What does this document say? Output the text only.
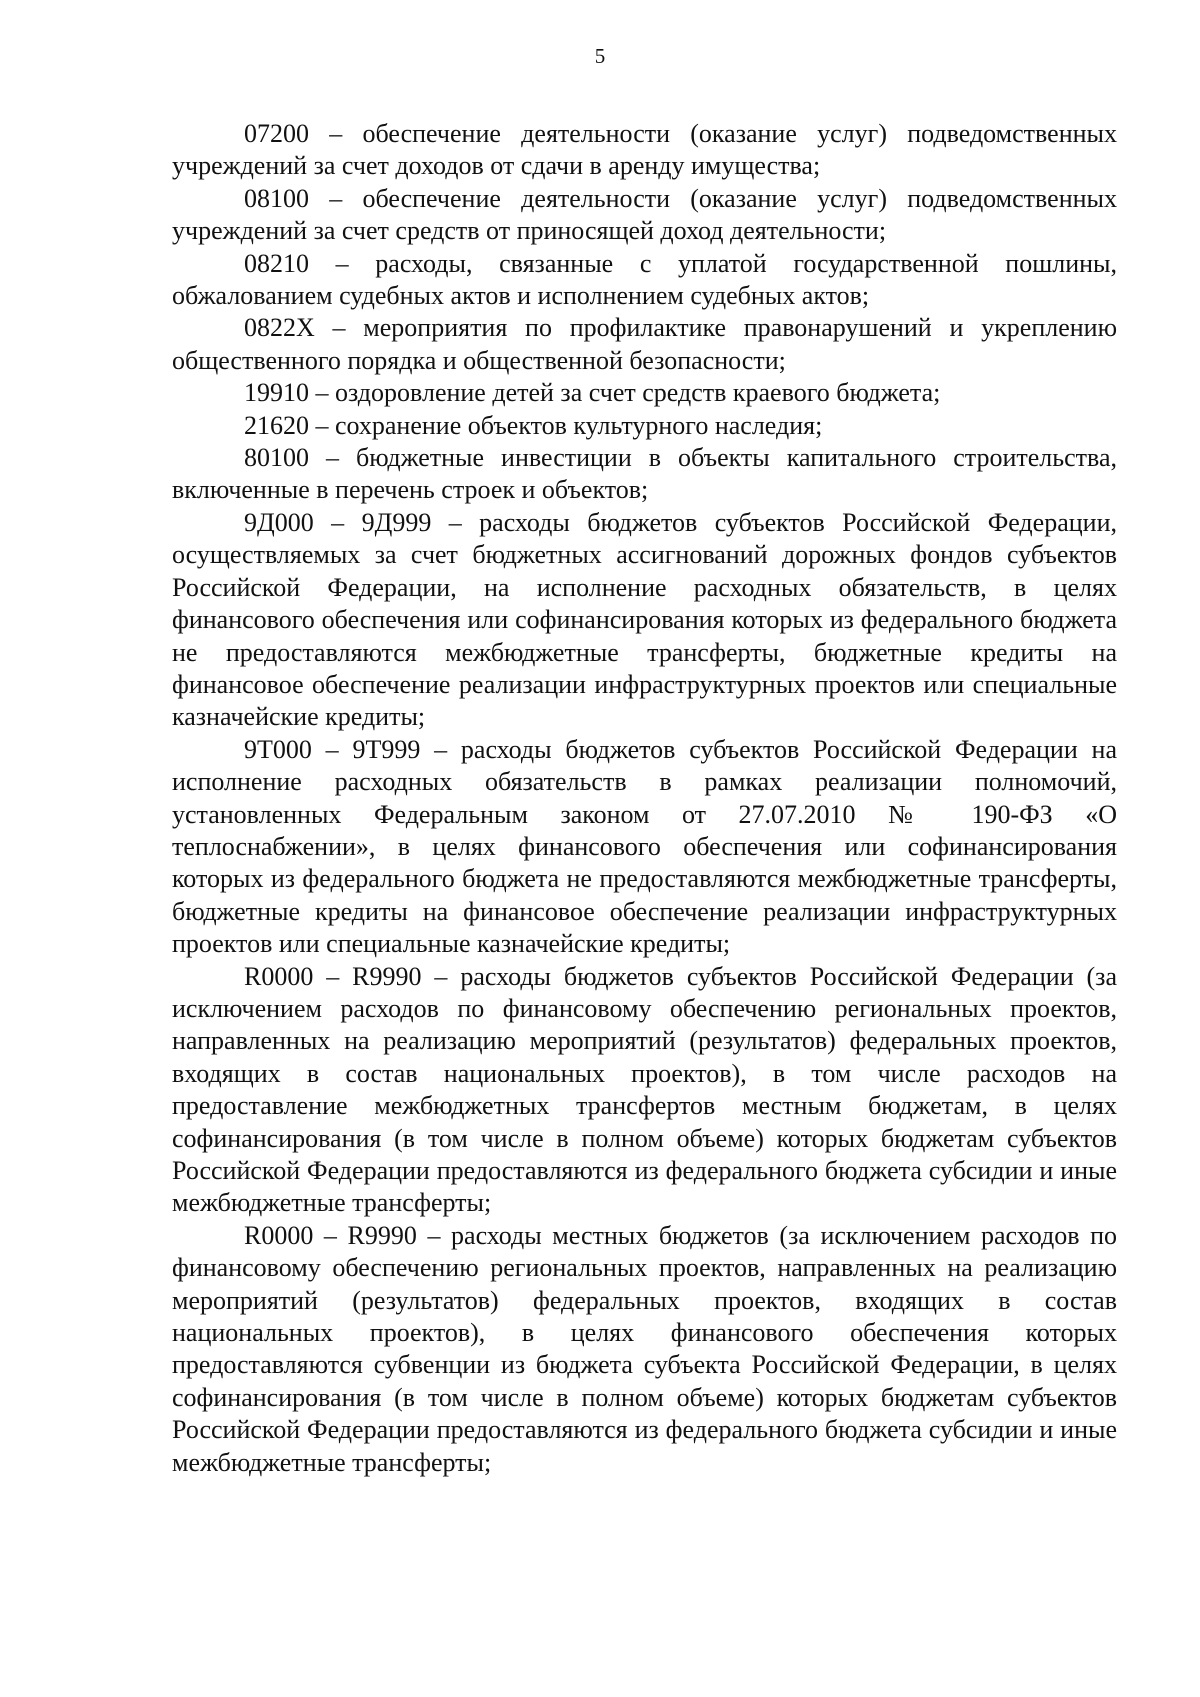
5

07200 – обеспечение деятельности (оказание услуг) подведомственных учреждений за счет доходов от сдачи в аренду имущества;

08100 – обеспечение деятельности (оказание услуг) подведомственных учреждений за счет средств от приносящей доход деятельности;

08210 – расходы, связанные с уплатой государственной пошлины, обжалованием судебных актов и исполнением судебных актов;

0822Х – мероприятия по профилактике правонарушений и укреплению общественного порядка и общественной безопасности;

19910 – оздоровление детей за счет средств краевого бюджета;

21620 – сохранение объектов культурного наследия;

80100 – бюджетные инвестиции в объекты капитального строительства, включенные в перечень строек и объектов;

9Д000 – 9Д999 – расходы бюджетов субъектов Российской Федерации, осуществляемых за счет бюджетных ассигнований дорожных фондов субъектов Российской Федерации, на исполнение расходных обязательств, в целях финансового обеспечения или софинансирования которых из федерального бюджета не предоставляются межбюджетные трансферты, бюджетные кредиты на финансовое обеспечение реализации инфраструктурных проектов или специальные казначейские кредиты;

9Т000 – 9Т999 – расходы бюджетов субъектов Российской Федерации на исполнение расходных обязательств в рамках реализации полномочий, установленных Федеральным законом от 27.07.2010 № 190-ФЗ «О теплоснабжении», в целях финансового обеспечения или софинансирования которых из федерального бюджета не предоставляются межбюджетные трансферты, бюджетные кредиты на финансовое обеспечение реализации инфраструктурных проектов или специальные казначейские кредиты;

R0000 – R9990 – расходы бюджетов субъектов Российской Федерации (за исключением расходов по финансовому обеспечению региональных проектов, направленных на реализацию мероприятий (результатов) федеральных проектов, входящих в состав национальных проектов), в том числе расходов на предоставление межбюджетных трансфертов местным бюджетам, в целях софинансирования (в том числе в полном объеме) которых бюджетам субъектов Российской Федерации предоставляются из федерального бюджета субсидии и иные межбюджетные трансферты;

R0000 – R9990 – расходы местных бюджетов (за исключением расходов по финансовому обеспечению региональных проектов, направленных на реализацию мероприятий (результатов) федеральных проектов, входящих в состав национальных проектов), в целях финансового обеспечения которых предоставляются субвенции из бюджета субъекта Российской Федерации, в целях софинансирования (в том числе в полном объеме) которых бюджетам субъектов Российской Федерации предоставляются из федерального бюджета субсидии и иные межбюджетные трансферты;
